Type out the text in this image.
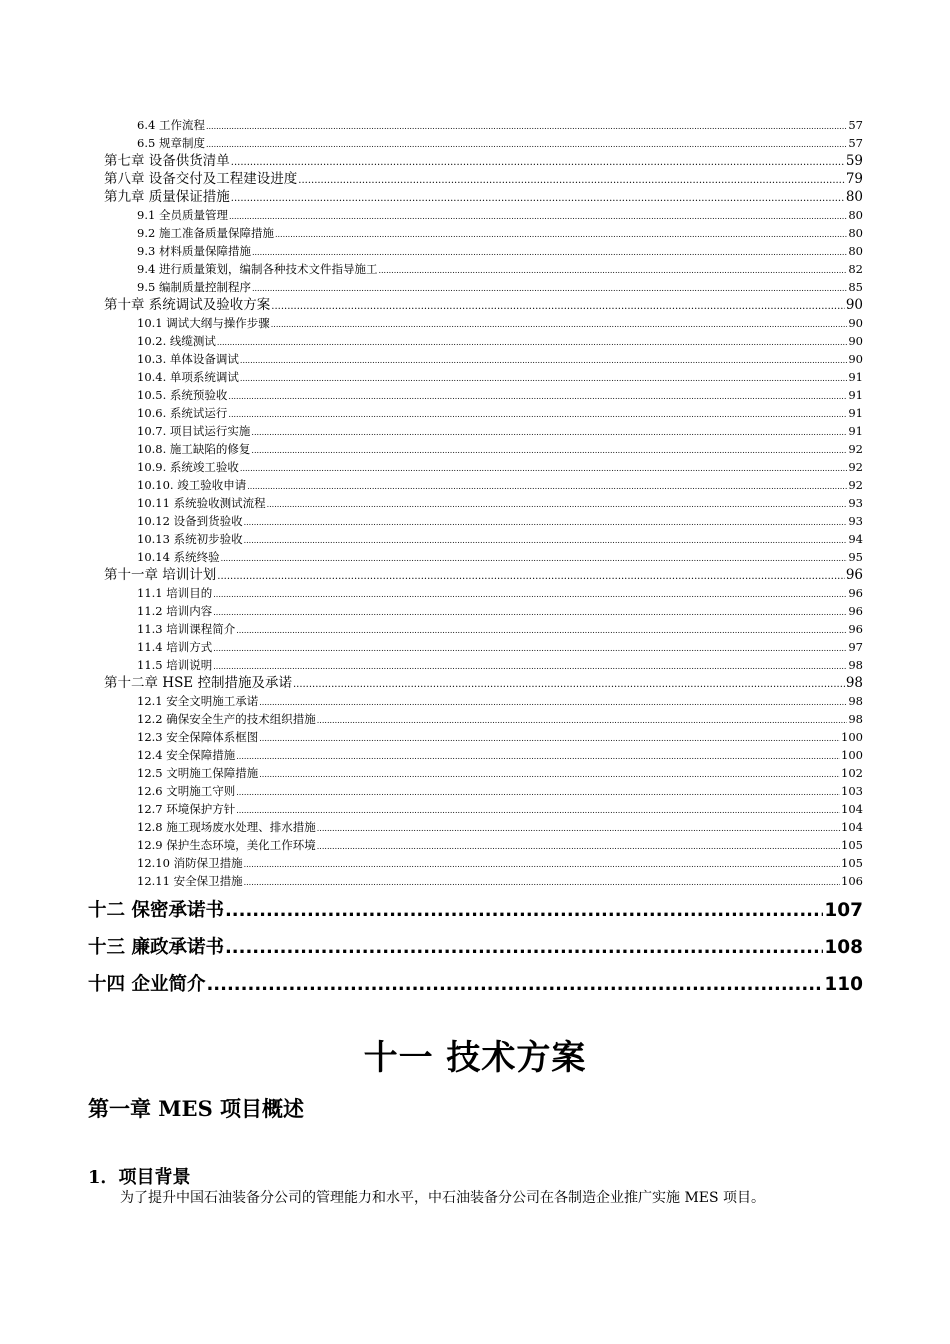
6.4 工作流程 .....	57
6.5 规章制度 .....	57
第七章 设备供货清单 .....	59
第八章 设备交付及工程建设进度 .....	79
第九章 质量保证措施 .....	80
9.1 全员质量管理 .....	80
9.2 施工准备质量保障措施 .....	80
9.3 材料质量保障措施 .....	80
9.4 进行质量策划，编制各种技术文件指导施工 .....	82
9.5 编制质量控制程序 .....	85
第十章 系统调试及验收方案 .....	90
10.1 调试大纲与操作步骤 .....	90
10.2. 线缆测试 .....	90
10.3. 单体设备调试 .....	90
10.4. 单项系统调试 .....	91
10.5. 系统预验收 .....	91
10.6. 系统试运行 .....	91
10.7. 项目试运行实施 .....	91
10.8. 施工缺陷的修复 .....	92
10.9. 系统竣工验收 .....	92
10.10. 竣工验收申请 .....	92
10.11 系统验收测试流程 .....	93
10.12 设备到货验收 .....	93
10.13 系统初步验收 .....	94
10.14 系统终验 .....	95
第十一章 培训计划 .....	96
11.1 培训目的 .....	96
11.2 培训内容 .....	96
11.3 培训课程简介 .....	96
11.4 培训方式 .....	97
11.5 培训说明 .....	98
第十二章 HSE 控制措施及承诺 .....	98
12.1 安全文明施工承诺 .....	98
12.2 确保安全生产的技术组织措施 .....	98
12.3 安全保障体系框图 .....	100
12.4 安全保障措施 .....	100
12.5 文明施工保障措施 .....	102
12.6 文明施工守则 .....	103
12.7 环境保护方针 .....	104
12.8 施工现场废水处理、排水措施 .....	104
12.9 保护生态环境，美化工作环境 .....	105
12.10 消防保卫措施 .....	105
12.11 安全保卫措施 .....	106
十二 保密承诺书 .....	107
十三 廉政承诺书 .....	108
十四 企业简介 .....	110
十一 技术方案
第一章 MES 项目概述
1．项目背景
为了提升中国石油装备分公司的管理能力和水平，中石油装备分公司在各制造企业推广实施 MES 项目。
